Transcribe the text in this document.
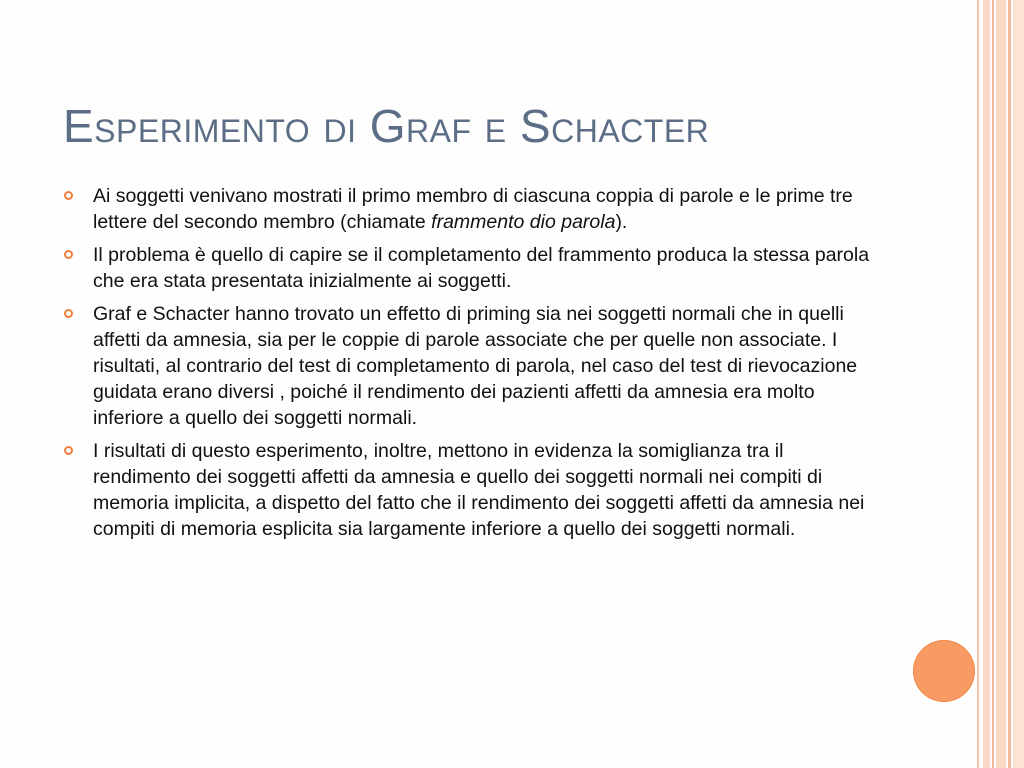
Esperimento di Graf e Schacter
Ai soggetti venivano mostrati il primo membro di ciascuna coppia di parole e le prime tre lettere del secondo membro (chiamate frammento dio parola).
Il problema è quello di capire se il completamento del frammento produca la stessa parola che era stata presentata inizialmente ai soggetti.
Graf e Schacter hanno trovato un effetto di priming sia nei soggetti normali che in quelli affetti da amnesia, sia per le coppie di parole associate che per quelle non associate. I risultati, al contrario del test di completamento di parola, nel caso del test di rievocazione guidata erano diversi , poiché il rendimento dei pazienti affetti da amnesia era molto inferiore a quello dei soggetti normali.
I risultati di questo esperimento, inoltre, mettono in evidenza la somiglianza tra il rendimento dei soggetti affetti da amnesia e quello dei soggetti normali nei compiti di memoria implicita, a dispetto del fatto che il rendimento dei soggetti affetti da amnesia nei compiti di memoria esplicita sia largamente inferiore a quello dei soggetti normali.
